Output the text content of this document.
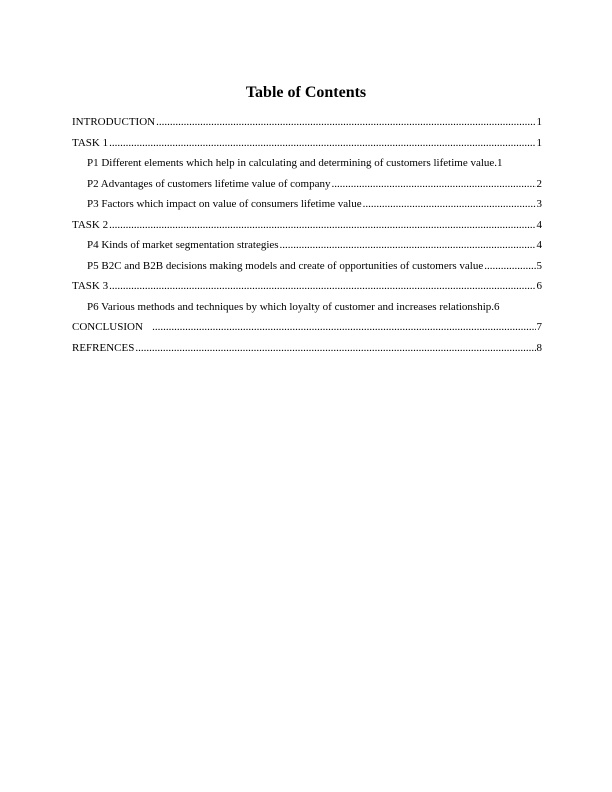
Table of Contents
INTRODUCTION .....	1
TASK 1 .....	1
P1 Different elements which help in calculating and determining of customers lifetime value. 1
P2 Advantages of customers lifetime value of company .....	2
P3 Factors which impact on value of consumers lifetime value .....	3
TASK 2 .....	4
P4 Kinds of market segmentation strategies .....	4
P5 B2C and B2B decisions making models and create of opportunities of customers value .....	5
TASK 3 .....	6
P6 Various methods and techniques by which loyalty of customer and increases relationship. 6
CONCLUSION .....	7
REFRENCES .....	8
